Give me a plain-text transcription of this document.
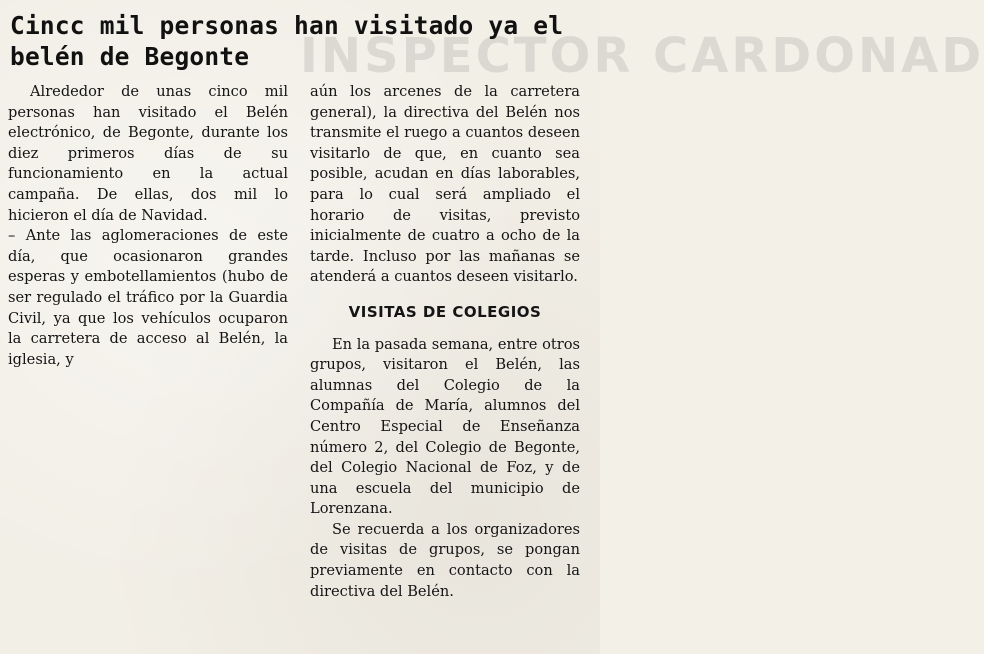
INSPECTOR CARDONAD
Cincc mil personas han visitado ya el belén de Begonte

Alrededor de unas cinco mil personas han visitado el Belén electrónico, de Begonte, durante los diez primeros días de su funcionamiento en la actual campaña. De ellas, dos mil lo hicieron el día de Navidad.

– Ante las aglomeraciones de este día, que ocasionaron grandes esperas y embotellamientos (hubo de ser regulado el tráfico por la Guardia Civil, ya que los vehículos ocuparon la carretera de acceso al Belén, la iglesia, y

aún los arcenes de la carretera general), la directiva del Belén nos transmite el ruego a cuantos deseen visitarlo de que, en cuanto sea posible, acudan en días laborables, para lo cual será ampliado el horario de visitas, previsto inicialmente de cuatro a ocho de la tarde. Incluso por las mañanas se atenderá a cuantos deseen visitarlo.

VISITAS DE COLEGIOS

En la pasada semana, entre otros grupos, visitaron el Belén, las alumnas del Colegio de la Compañía de María, alumnos del Centro Especial de Enseñanza número 2, del Colegio de Begonte, del Colegio Nacional de Foz, y de una escuela del municipio de Lorenzana.

Se recuerda a los organizadores de visitas de grupos, se pongan previamente en contacto con la directiva del Belén.
